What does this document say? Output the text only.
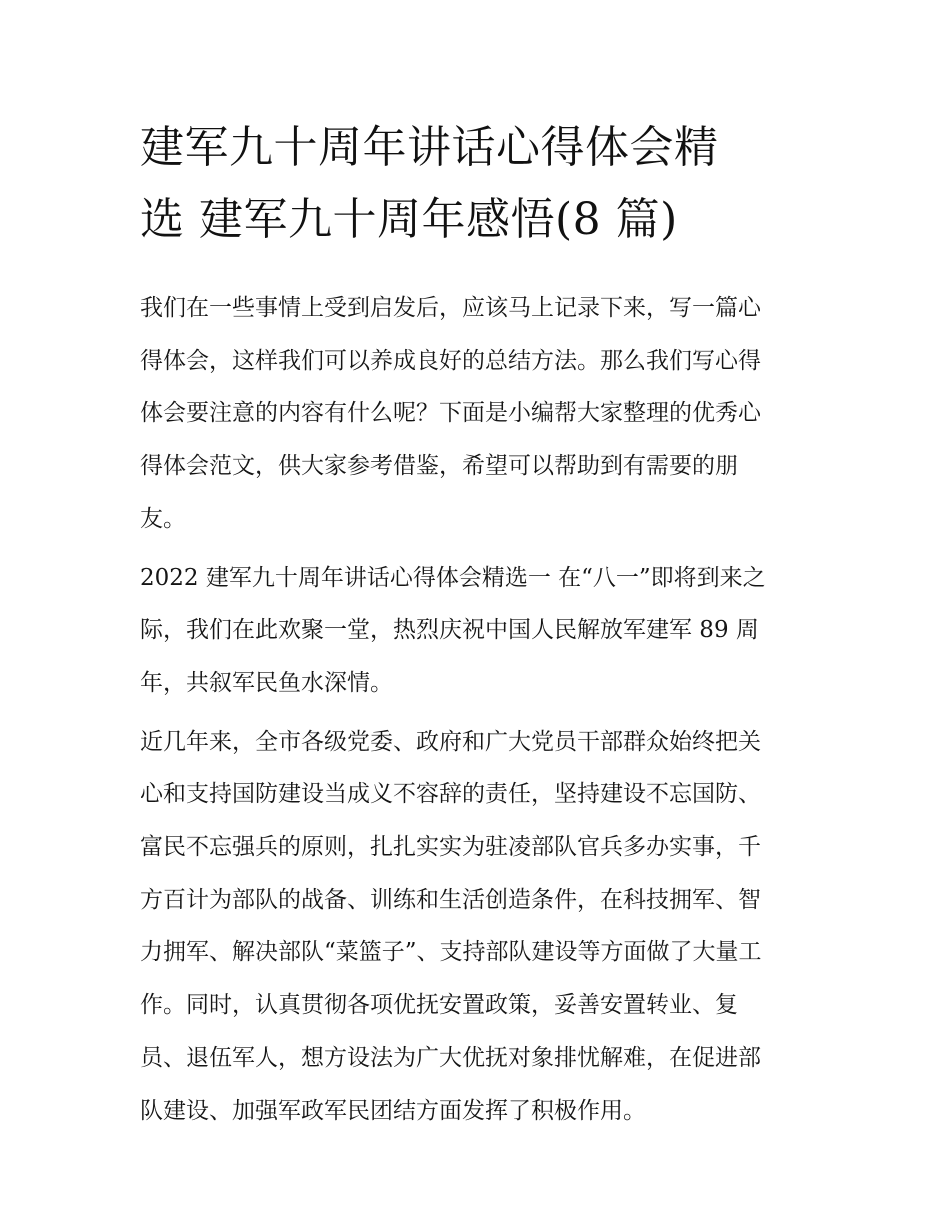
建军九十周年讲话心得体会精
选 建军九十周年感悟(8 篇)

我们在一些事情上受到启发后，应该马上记录下来，写一篇心
得体会，这样我们可以养成良好的总结方法。那么我们写心得
体会要注意的内容有什么呢？下面是小编帮大家整理的优秀心
得体会范文，供大家参考借鉴，希望可以帮助到有需要的朋
友。

2022 建军九十周年讲话心得体会精选一 在“八一”即将到来之
际，我们在此欢聚一堂，热烈庆祝中国人民解放军建军 89 周
年，共叙军民鱼水深情。

近几年来，全市各级党委、政府和广大党员干部群众始终把关
心和支持国防建设当成义不容辞的责任，坚持建设不忘国防、
富民不忘强兵的原则，扎扎实实为驻凌部队官兵多办实事，千
方百计为部队的战备、训练和生活创造条件，在科技拥军、智
力拥军、解决部队“菜篮子”、支持部队建设等方面做了大量工
作。同时，认真贯彻各项优抚安置政策，妥善安置转业、复
员、退伍军人，想方设法为广大优抚对象排忧解难，在促进部
队建设、加强军政军民团结方面发挥了积极作用。
